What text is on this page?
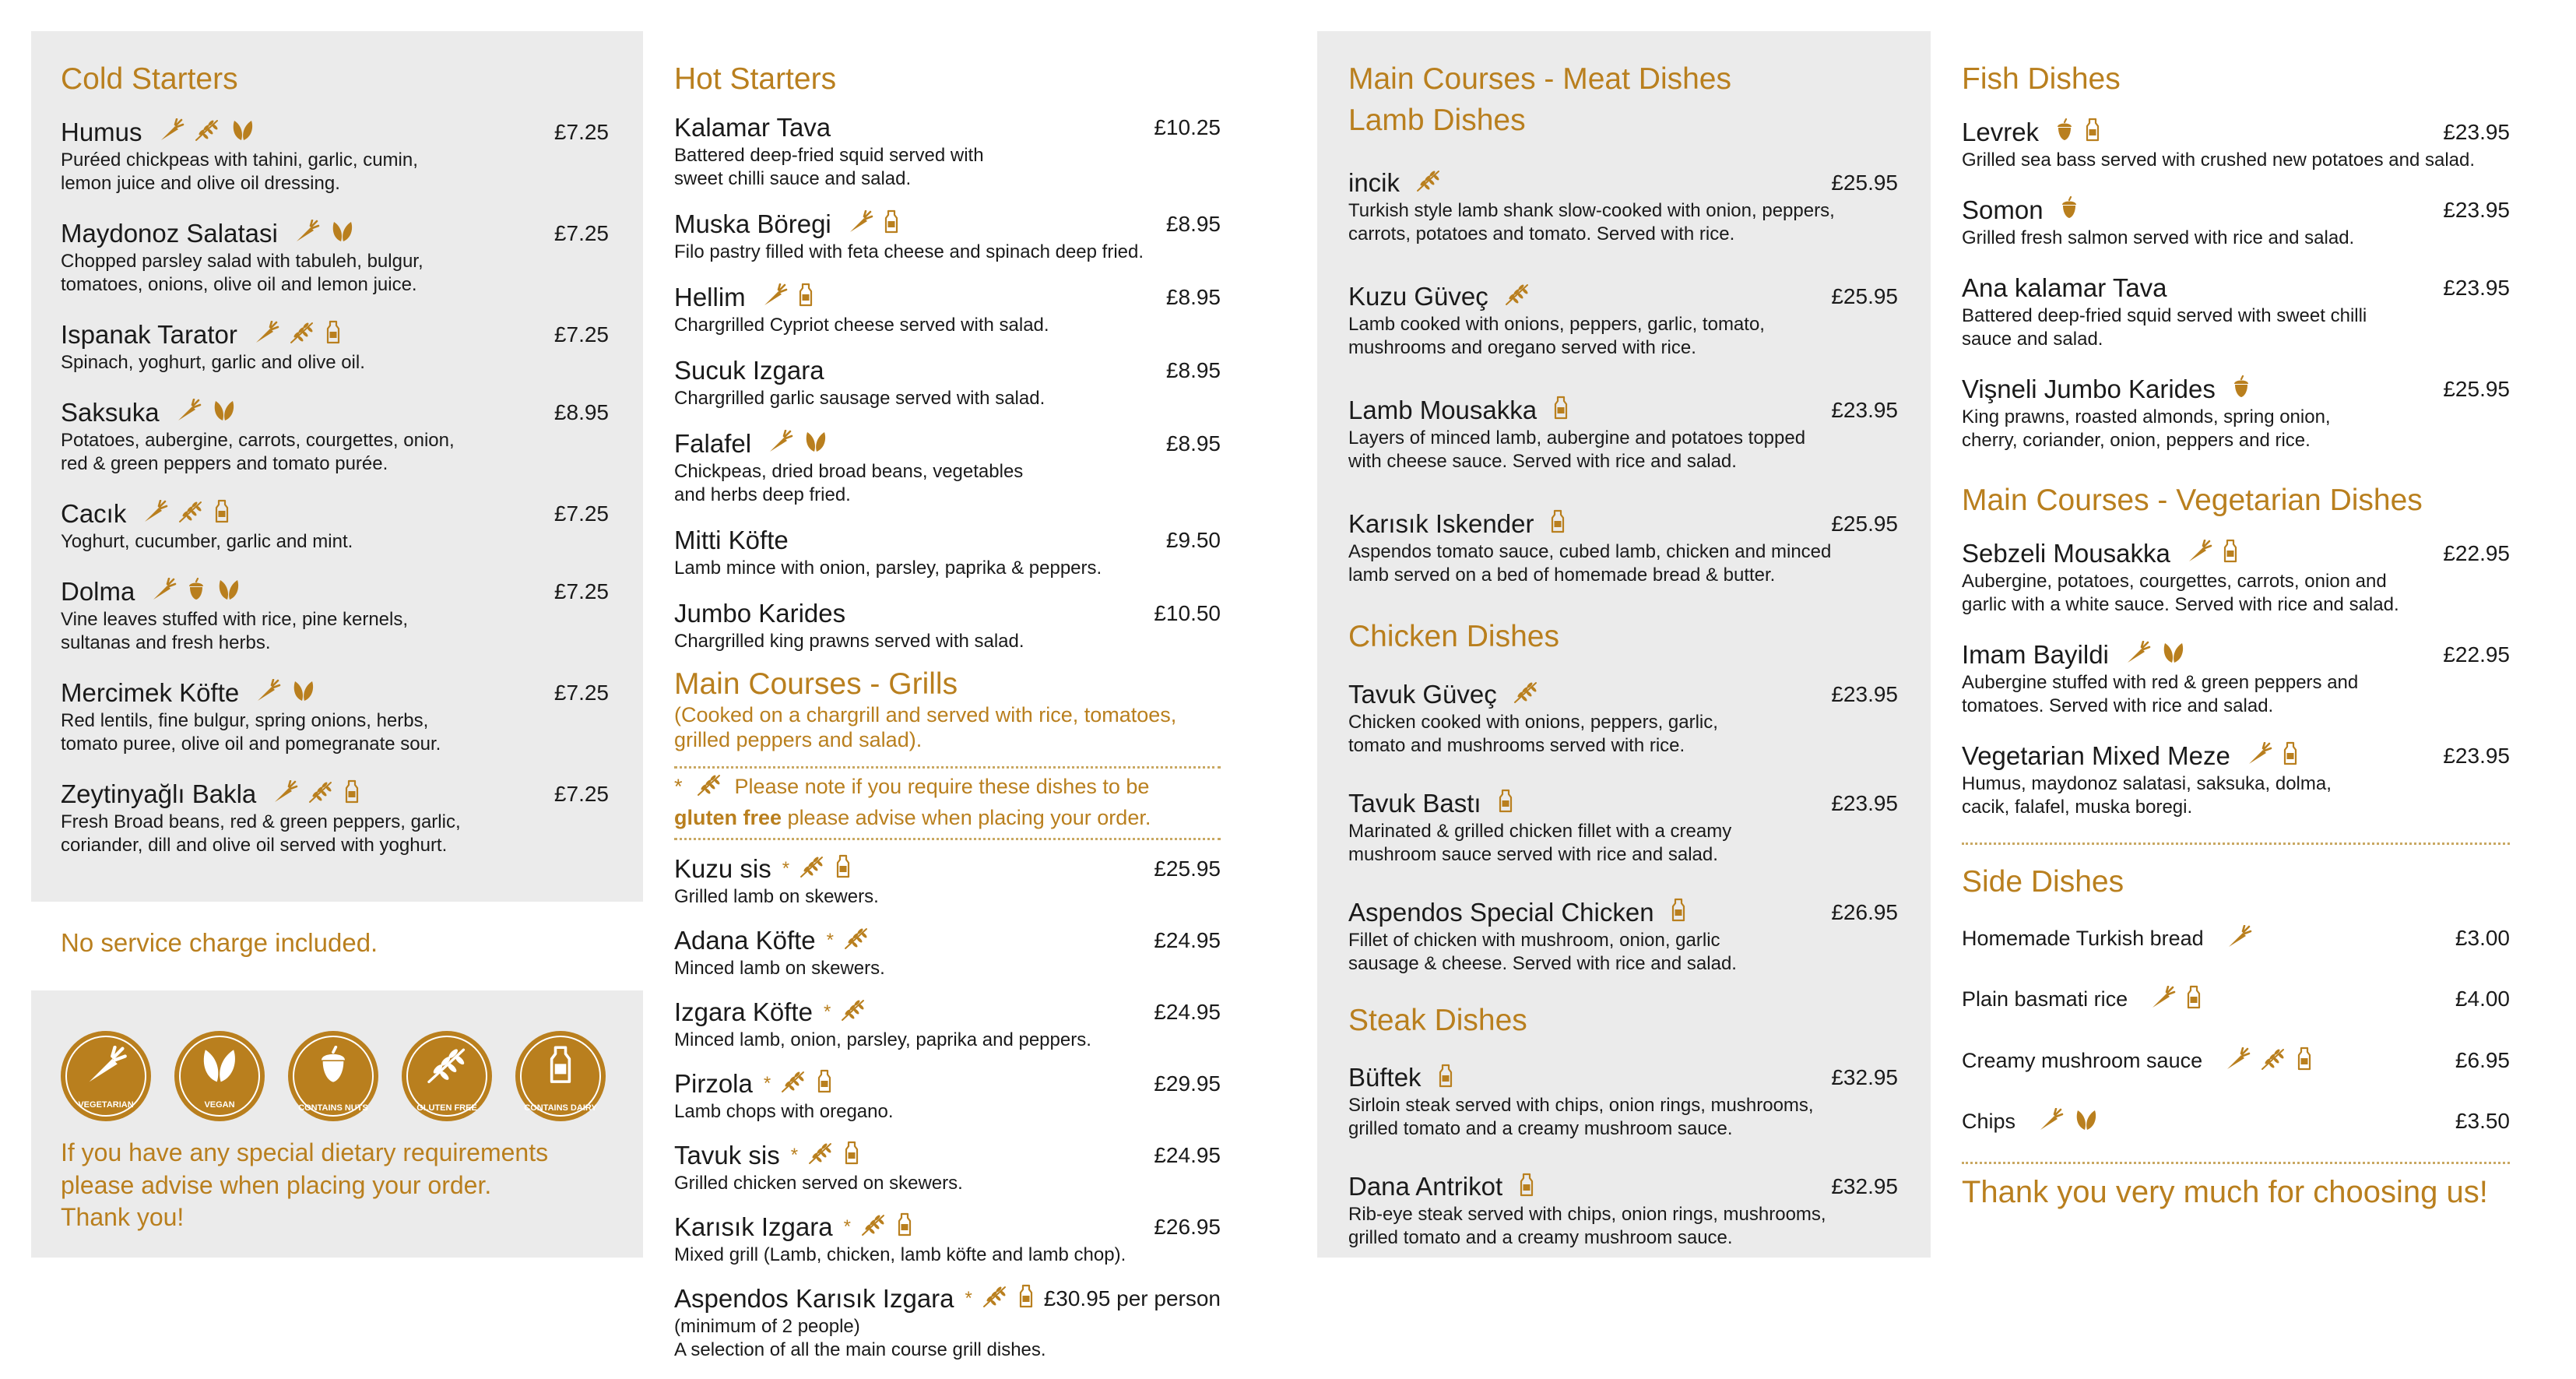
Cold Starters
Humus	£7.25
Puréed chickpeas with tahini, garlic, cumin,
lemon juice and olive oil dressing.
Maydonoz Salatasi	£7.25
Chopped parsley salad with tabuleh, bulgur,
tomatoes, onions, olive oil and lemon juice.
Ispanak Tarator	£7.25
Spinach, yoghurt, garlic and olive oil.
Saksuka	£8.95
Potatoes, aubergine, carrots, courgettes, onion,
red & green peppers and tomato purée.
Cacık	£7.25
Yoghurt, cucumber, garlic and mint.
Dolma	£7.25
Vine leaves stuffed with rice, pine kernels,
sultanas and fresh herbs.
Mercimek Köfte	£7.25
Red lentils, fine bulgur, spring onions, herbs,
tomato puree, olive oil and pomegranate sour.
Zeytinyağlı Bakla	£7.25
Fresh Broad beans, red & green peppers, garlic,
coriander, dill and olive oil served with yoghurt.
No service charge included.
VEGETARIAN	VEGAN	CONTAINS NUTS	GLUTEN FREE	CONTAINS DAIRY
If you have any special dietary requirements
please advise when placing your order.
Thank you!
Hot Starters
Kalamar Tava	£10.25
Battered deep-fried squid served with
sweet chilli sauce and salad.
Muska Böregi	£8.95
Filo pastry filled with feta cheese and spinach deep fried.
Hellim	£8.95
Chargrilled Cypriot cheese served with salad.
Sucuk Izgara	£8.95
Chargrilled garlic sausage served with salad.
Falafel	£8.95
Chickpeas, dried broad beans, vegetables
and herbs deep fried.
Mitti Köfte	£9.50
Lamb mince with onion, parsley, paprika & peppers.
Jumbo Karides	£10.50
Chargrilled king prawns served with salad.
Main Courses - Grills
(Cooked on a chargrill and served with rice, tomatoes,
grilled peppers and salad).
* Please note if you require these dishes to be
gluten free please advise when placing your order.
Kuzu sis *	£25.95
Grilled lamb on skewers.
Adana Köfte *	£24.95
Minced lamb on skewers.
Izgara Köfte *	£24.95
Minced lamb, onion, parsley, paprika and peppers.
Pirzola *	£29.95
Lamb chops with oregano.
Tavuk sis *	£24.95
Grilled chicken served on skewers.
Karısık Izgara *	£26.95
Mixed grill (Lamb, chicken, lamb köfte and lamb chop).
Aspendos Karısık Izgara *	£30.95 per person
(minimum of 2 people)
A selection of all the main course grill dishes.
Main Courses - Meat Dishes
Lamb Dishes
incik	£25.95
Turkish style lamb shank slow-cooked with onion, peppers,
carrots, potatoes and tomato. Served with rice.
Kuzu Güveç	£25.95
Lamb cooked with onions, peppers, garlic, tomato,
mushrooms and oregano served with rice.
Lamb Mousakka	£23.95
Layers of minced lamb, aubergine and potatoes topped
with cheese sauce. Served with rice and salad.
Karısık Iskender	£25.95
Aspendos tomato sauce, cubed lamb, chicken and minced
lamb served on a bed of homemade bread & butter.
Chicken Dishes
Tavuk Güveç	£23.95
Chicken cooked with onions, peppers, garlic,
tomato and mushrooms served with rice.
Tavuk Bastı	£23.95
Marinated & grilled chicken fillet with a creamy
mushroom sauce served with rice and salad.
Aspendos Special Chicken	£26.95
Fillet of chicken with mushroom, onion, garlic
sausage & cheese. Served with rice and salad.
Steak Dishes
Büftek	£32.95
Sirloin steak served with chips, onion rings, mushrooms,
grilled tomato and a creamy mushroom sauce.
Dana Antrikot	£32.95
Rib-eye steak served with chips, onion rings, mushrooms,
grilled tomato and a creamy mushroom sauce.
Fish Dishes
Levrek	£23.95
Grilled sea bass served with crushed new potatoes and salad.
Somon	£23.95
Grilled fresh salmon served with rice and salad.
Ana kalamar Tava	£23.95
Battered deep-fried squid served with sweet chilli
sauce and salad.
Vişneli Jumbo Karides	£25.95
King prawns, roasted almonds, spring onion,
cherry, coriander, onion, peppers and rice.
Main Courses - Vegetarian Dishes
Sebzeli Mousakka	£22.95
Aubergine, potatoes, courgettes, carrots, onion and
garlic with a white sauce. Served with rice and salad.
Imam Bayildi	£22.95
Aubergine stuffed with red & green peppers and
tomatoes. Served with rice and salad.
Vegetarian Mixed Meze	£23.95
Humus, maydonoz salatasi, saksuka, dolma,
cacik, falafel, muska boregi.
Side Dishes
Homemade Turkish bread	£3.00
Plain basmati rice	£4.00
Creamy mushroom sauce	£6.95
Chips	£3.50
Thank you very much for choosing us!
